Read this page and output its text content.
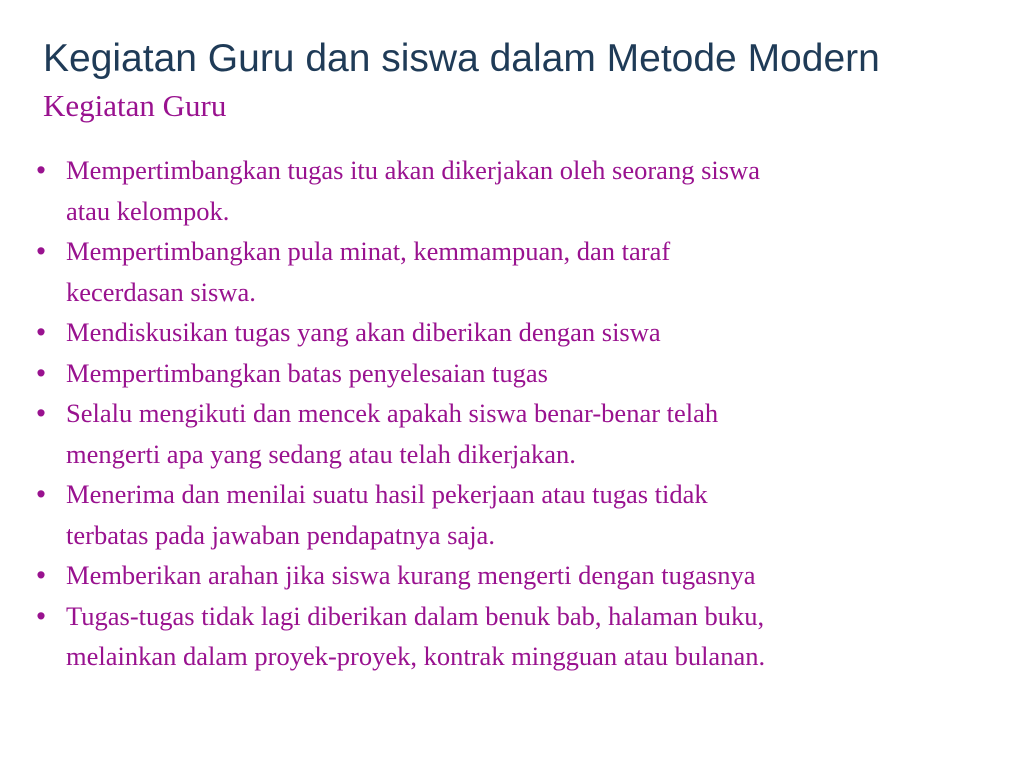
Kegiatan Guru dan siswa dalam Metode Modern
Kegiatan Guru
• Mempertimbangkan tugas itu akan dikerjakan oleh seorang siswa
atau kelompok.
• Mempertimbangkan pula minat, kemmampuan, dan taraf
kecerdasan siswa.
• Mendiskusikan tugas yang akan diberikan dengan siswa
• Mempertimbangkan batas penyelesaian tugas
• Selalu mengikuti dan mencek apakah siswa benar-benar telah
mengerti apa yang sedang atau telah dikerjakan.
• Menerima dan menilai suatu hasil pekerjaan atau tugas tidak
terbatas pada jawaban pendapatnya saja.
• Memberikan arahan jika siswa kurang mengerti dengan tugasnya
• Tugas-tugas tidak lagi diberikan dalam benuk bab, halaman buku,
melainkan dalam proyek-proyek, kontrak mingguan atau bulanan.
